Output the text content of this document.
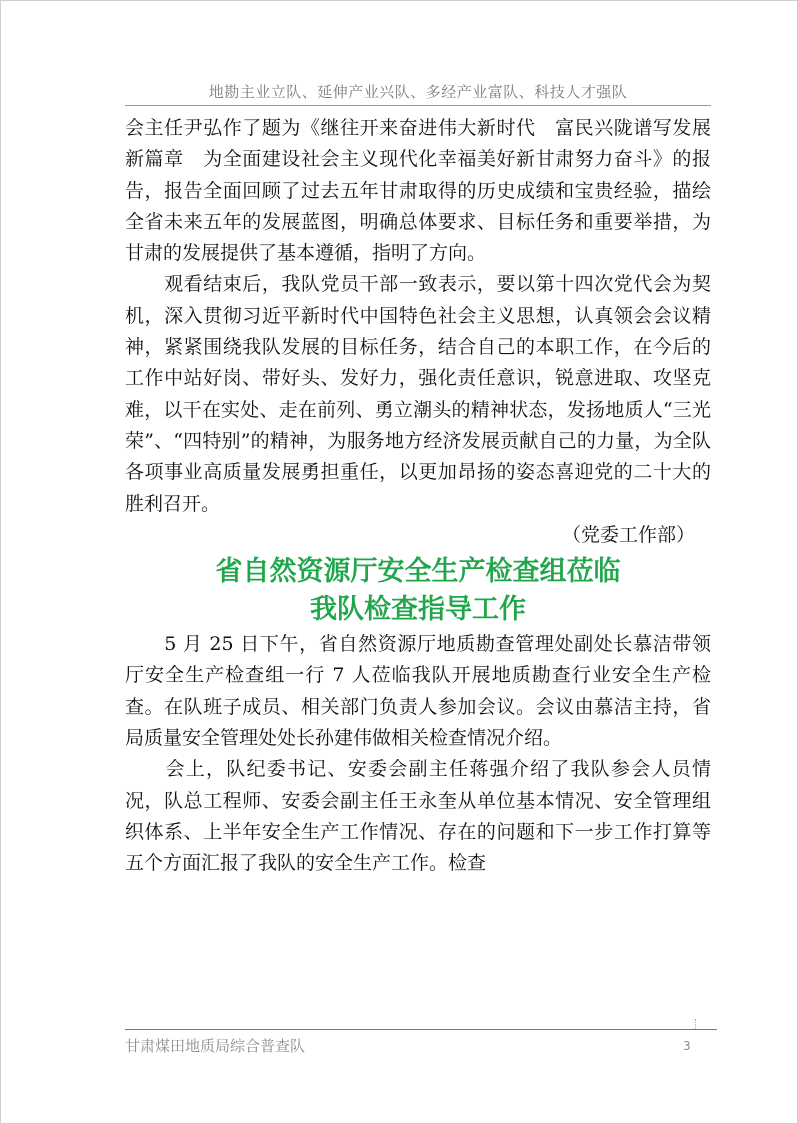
地勘主业立队、延伸产业兴队、多经产业富队、科技人才强队

会主任尹弘作了题为《继往开来奋进伟大新时代　富民兴陇谱写发展新篇章　为全面建设社会主义现代化幸福美好新甘肃努力奋斗》的报告，报告全面回顾了过去五年甘肃取得的历史成绩和宝贵经验，描绘全省未来五年的发展蓝图，明确总体要求、目标任务和重要举措，为甘肃的发展提供了基本遵循，指明了方向。

　　观看结束后，我队党员干部一致表示，要以第十四次党代会为契机，深入贯彻习近平新时代中国特色社会主义思想，认真领会会议精神，紧紧围绕我队发展的目标任务，结合自己的本职工作，在今后的工作中站好岗、带好头、发好力，强化责任意识，锐意进取、攻坚克难，以干在实处、走在前列、勇立潮头的精神状态，发扬地质人“三光荣”、“四特别”的精神，为服务地方经济发展贡献自己的力量，为全队各项事业高质量发展勇担重任，以更加昂扬的姿态喜迎党的二十大的胜利召开。

（党委工作部）

省自然资源厅安全生产检查组莅临
我队检查指导工作

　　5 月 25 日下午，省自然资源厅地质勘查管理处副处长慕洁带领厅安全生产检查组一行 7 人莅临我队开展地质勘查行业安全生产检查。在队班子成员、相关部门负责人参加会议。会议由慕洁主持，省局质量安全管理处处长孙建伟做相关检查情况介绍。

　　会上，队纪委书记、安委会副主任蒋强介绍了我队参会人员情况，队总工程师、安委会副主任王永奎从单位基本情况、安全管理组织体系、上半年安全生产工作情况、存在的问题和下一步工作打算等五个方面汇报了我队的安全生产工作。检查

甘肃煤田地质局综合普查队	3
